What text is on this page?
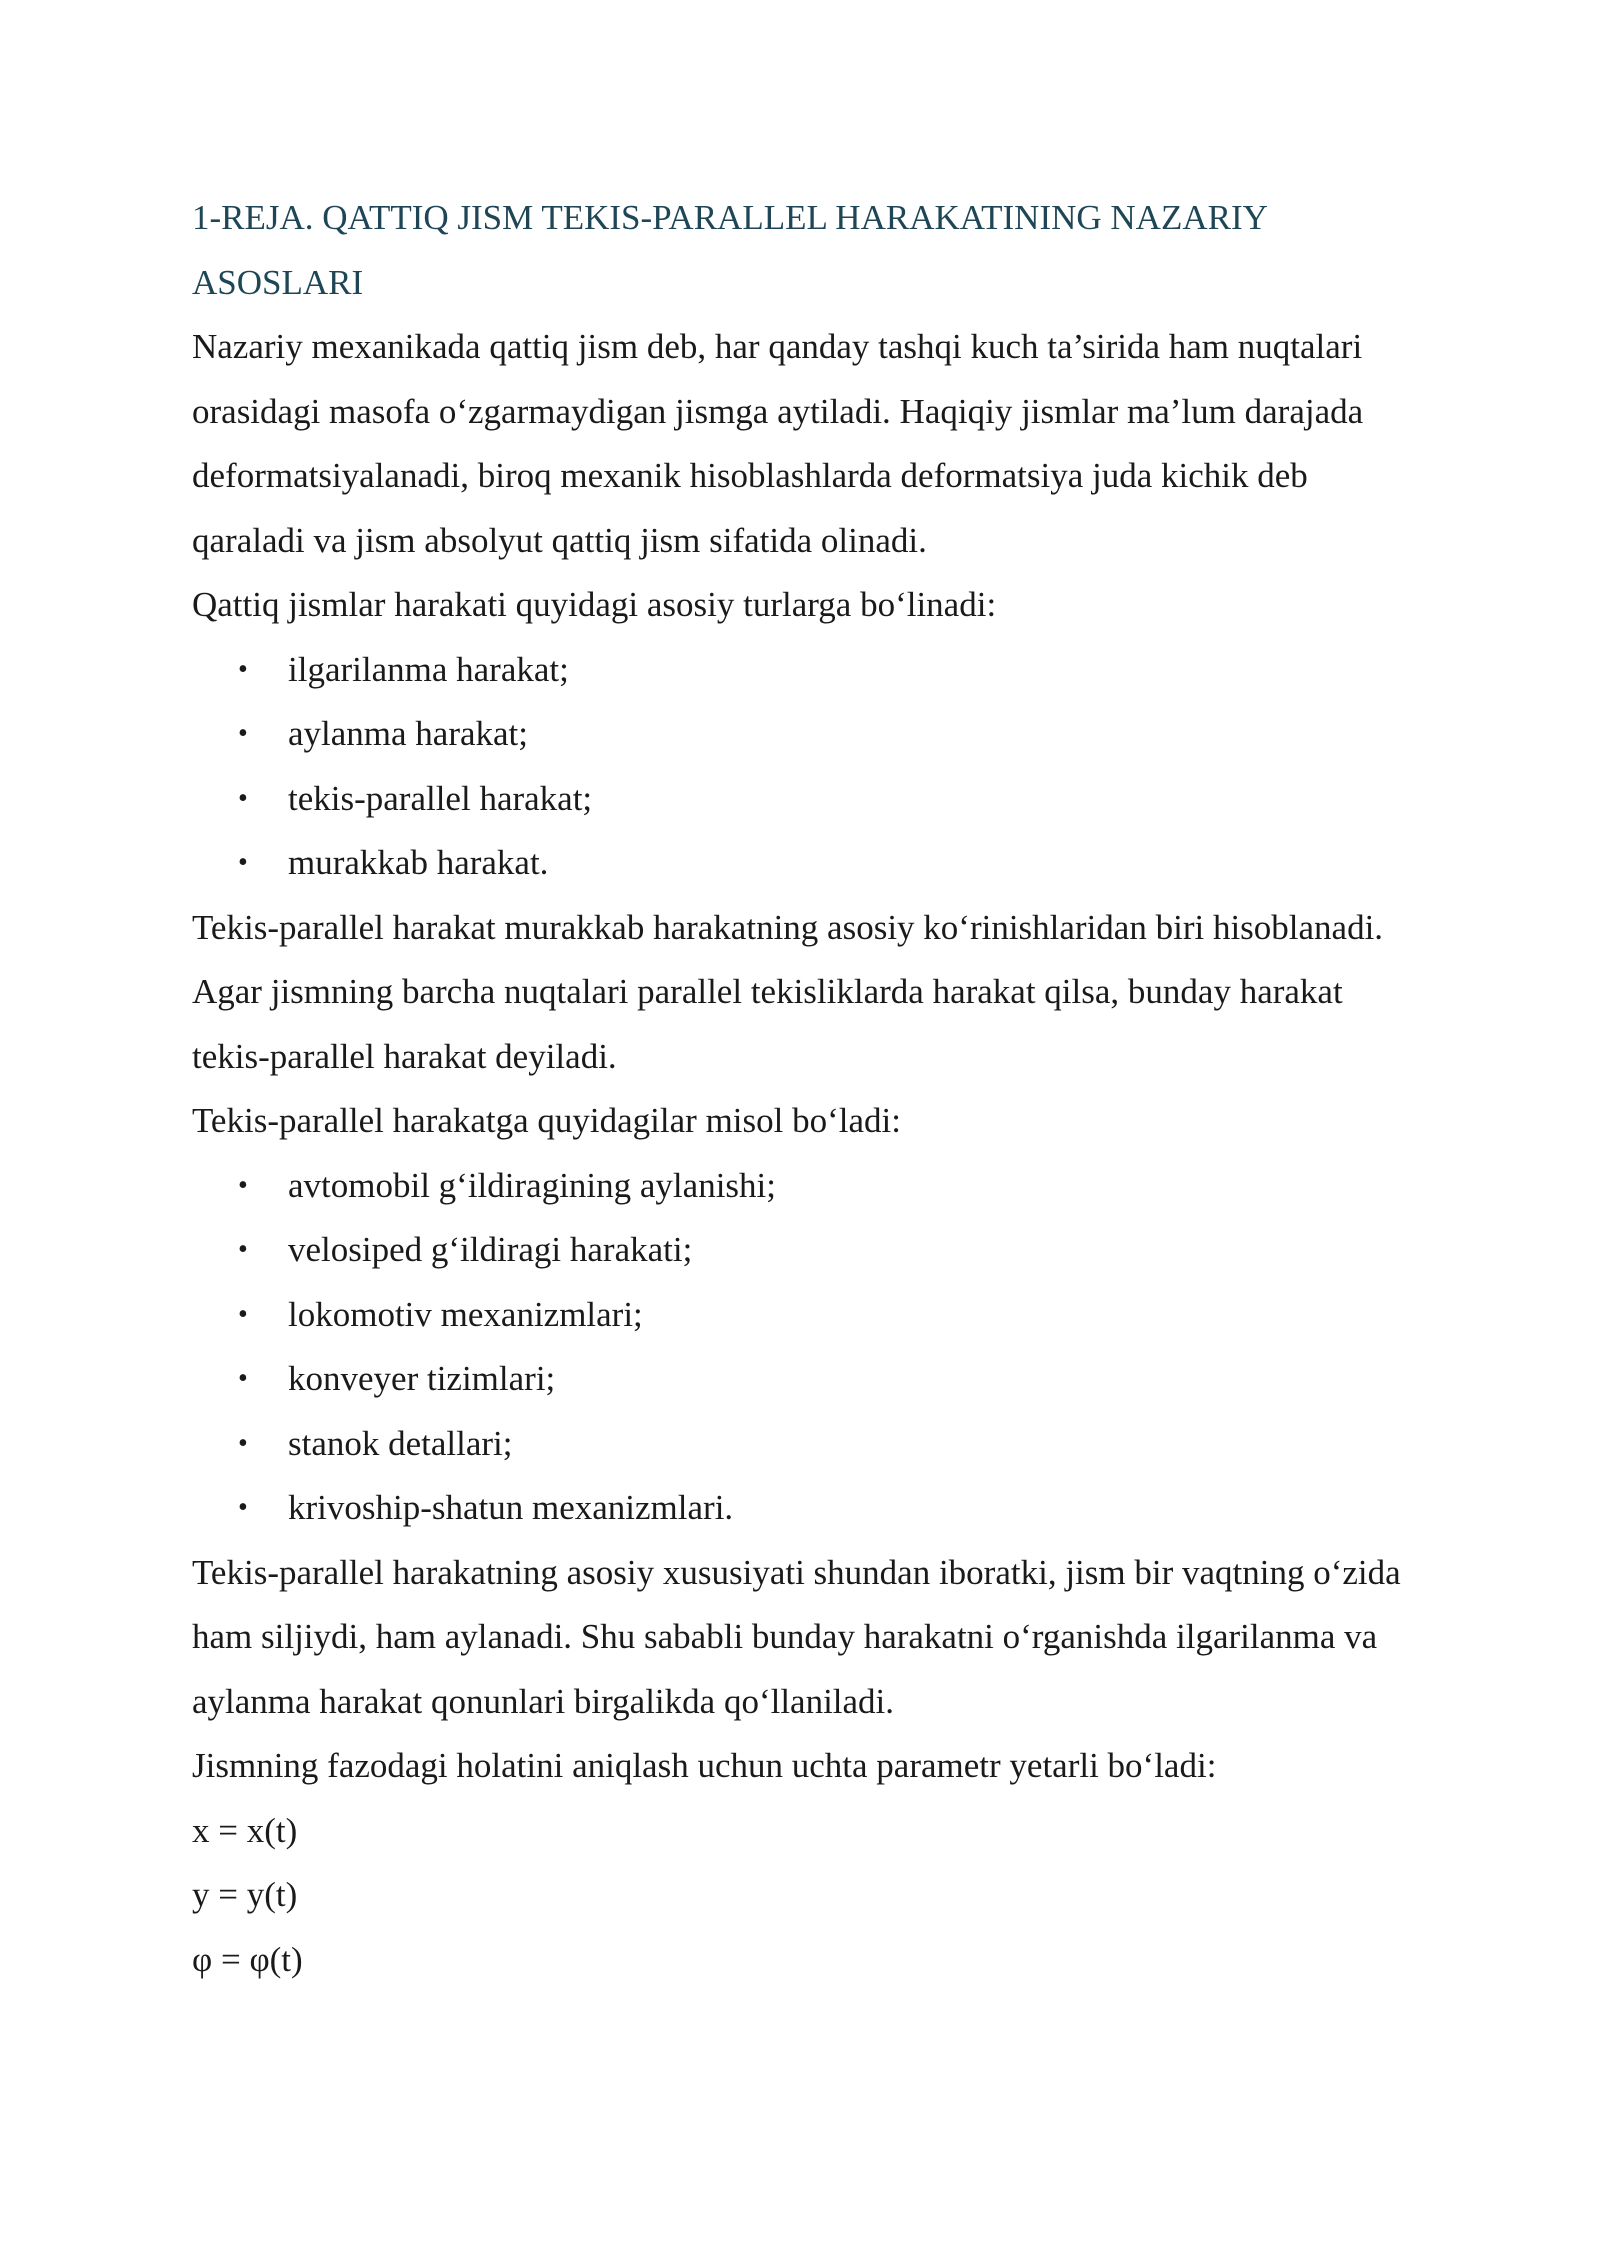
1-REJA. QATTIQ JISM TEKIS-PARALLEL HARAKATINING NAZARIY ASOSLARI

Nazariy mexanikada qattiq jism deb, har qanday tashqi kuch ta’sirida ham nuqtalari orasidagi masofa o‘zgarmaydigan jismga aytiladi. Haqiqiy jismlar ma’lum darajada deformatsiyalanadi, biroq mexanik hisoblashlarda deformatsiya juda kichik deb qaraladi va jism absolyut qattiq jism sifatida olinadi.

Qattiq jismlar harakati quyidagi asosiy turlarga bo‘linadi:

• ilgarilanma harakat;
• aylanma harakat;
• tekis-parallel harakat;
• murakkab harakat.

Tekis-parallel harakat murakkab harakatning asosiy ko‘rinishlaridan biri hisoblanadi. Agar jismning barcha nuqtalari parallel tekisliklarda harakat qilsa, bunday harakat tekis-parallel harakat deyiladi.

Tekis-parallel harakatga quyidagilar misol bo‘ladi:

• avtomobil g‘ildiragining aylanishi;
• velosiped g‘ildiragi harakati;
• lokomotiv mexanizmlari;
• konveyer tizimlari;
• stanok detallari;
• krivoship-shatun mexanizmlari.

Tekis-parallel harakatning asosiy xususiyati shundan iboratki, jism bir vaqtning o‘zida ham siljiydi, ham aylanadi. Shu sababli bunday harakatni o‘rganishda ilgarilanma va aylanma harakat qonunlari birgalikda qo‘llaniladi.

Jismning fazodagi holatini aniqlash uchun uchta parametr yetarli bo‘ladi:

x = x(t)

y = y(t)

φ = φ(t)
